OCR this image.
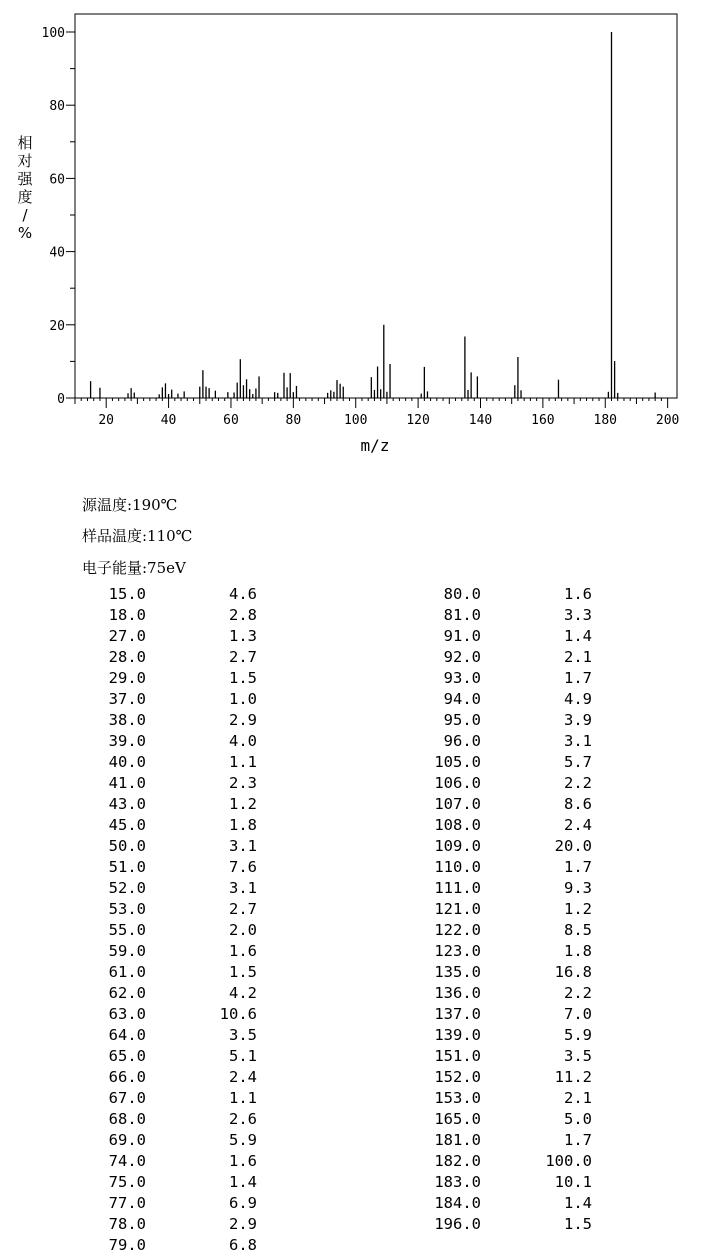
0
20
40
60
80
100
20	40	60	80	100	120	140	160	180	200
m/z
相
对
强
度
/
%
源温度:190℃
样品温度:110℃
电子能量:75eV
15.0	4.6
18.0	2.8
27.0	1.3
28.0	2.7
29.0	1.5
37.0	1.0
38.0	2.9
39.0	4.0
40.0	1.1
41.0	2.3
43.0	1.2
45.0	1.8
50.0	3.1
51.0	7.6
52.0	3.1
53.0	2.7
55.0	2.0
59.0	1.6
61.0	1.5
62.0	4.2
63.0	10.6
64.0	3.5
65.0	5.1
66.0	2.4
67.0	1.1
68.0	2.6
69.0	5.9
74.0	1.6
75.0	1.4
77.0	6.9
78.0	2.9
79.0	6.8
80.0	1.6
81.0	3.3
91.0	1.4
92.0	2.1
93.0	1.7
94.0	4.9
95.0	3.9
96.0	3.1
105.0	5.7
106.0	2.2
107.0	8.6
108.0	2.4
109.0	20.0
110.0	1.7
111.0	9.3
121.0	1.2
122.0	8.5
123.0	1.8
135.0	16.8
136.0	2.2
137.0	7.0
139.0	5.9
151.0	3.5
152.0	11.2
153.0	2.1
165.0	5.0
181.0	1.7
182.0	100.0
183.0	10.1
184.0	1.4
196.0	1.5
